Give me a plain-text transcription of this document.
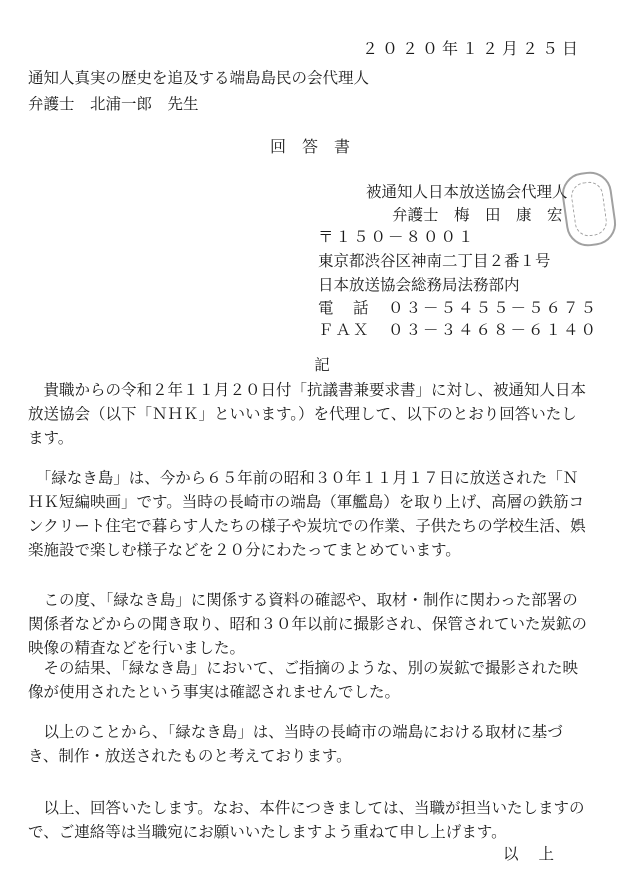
２０２０年１２月２５日
通知人真実の歴史を追及する端島島民の会代理人
弁護士　北浦一郎　先生
回　答　書
被通知人日本放送協会代理人
弁護士　梅　田　康　宏
〒１５０－８００１
東京都渋谷区神南二丁目２番１号
日本放送協会総務局法務部内
電　話　０３－５４５５－５６７５
ＦＡＸ　０３－３４６８－６１４０
記
　貴職からの令和２年１１月２０日付「抗議書兼要求書」に対し、被通知人日本放送協会（以下「ＮＨＫ」といいます。）を代理して、以下のとおり回答いたします。
　「緑なき島」は、今から６５年前の昭和３０年１１月１７日に放送された「ＮＨＫ短編映画」です。当時の長崎市の端島（軍艦島）を取り上げ、高層の鉄筋コンクリート住宅で暮らす人たちの様子や炭坑での作業、子供たちの学校生活、娯楽施設で楽しむ様子などを２０分にわたってまとめています。
　この度、「緑なき島」に関係する資料の確認や、取材・制作に関わった部署の関係者などからの聞き取り、昭和３０年以前に撮影され、保管されていた炭鉱の映像の精査などを行いました。
　その結果、「緑なき島」において、ご指摘のような、別の炭鉱で撮影された映像が使用されたという事実は確認されませんでした。
　以上のことから、「緑なき島」は、当時の長崎市の端島における取材に基づき、制作・放送されたものと考えております。
　以上、回答いたします。なお、本件につきましては、当職が担当いたしますので、ご連絡等は当職宛にお願いいたしますよう重ねて申し上げます。
以上
